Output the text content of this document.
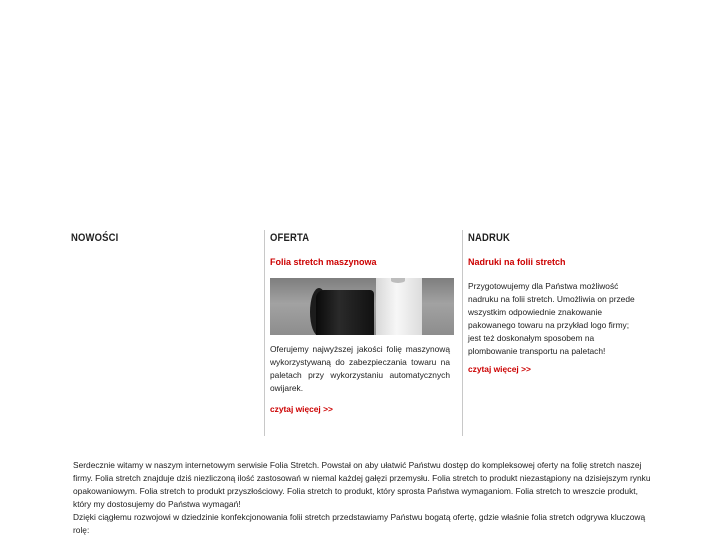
NOWOŚCI	OFERTA
Folia stretch maszynowa
Oferujemy najwyższej jakości folię maszynową wykorzystywaną do zabezpieczania towaru na paletach przy wykorzystaniu automatycznych owijarek.
czytaj więcej >>
NADRUK
Nadruki na folii stretch
Przygotowujemy dla Państwa możliwość nadruku na folii stretch. Umożliwia on przede wszystkim odpowiednie znakowanie pakowanego towaru na przykład logo firmy; jest też doskonałym sposobem na plombowanie transportu na paletach!
czytaj więcej >>

Serdecznie witamy w naszym internetowym serwisie Folia Stretch. Powstał on aby ułatwić Państwu dostęp do kompleksowej oferty na folię stretch naszej firmy. Folia stretch znajduje dziś niezliczoną ilość zastosowań w niemal każdej gałęzi przemysłu. Folia stretch to produkt niezastąpiony na dzisiejszym rynku opakowaniowym. Folia stretch to produkt przyszłościowy. Folia stretch to produkt, który sprosta Państwa wymaganiom. Folia stretch to wreszcie produkt, który my dostosujemy do Państwa wymagań!

Dzięki ciągłemu rozwojowi w dziedzinie konfekcjonowania folii stretch przedstawiamy Państwu bogatą ofertę, gdzie właśnie folia stretch odgrywa kluczową rolę:
